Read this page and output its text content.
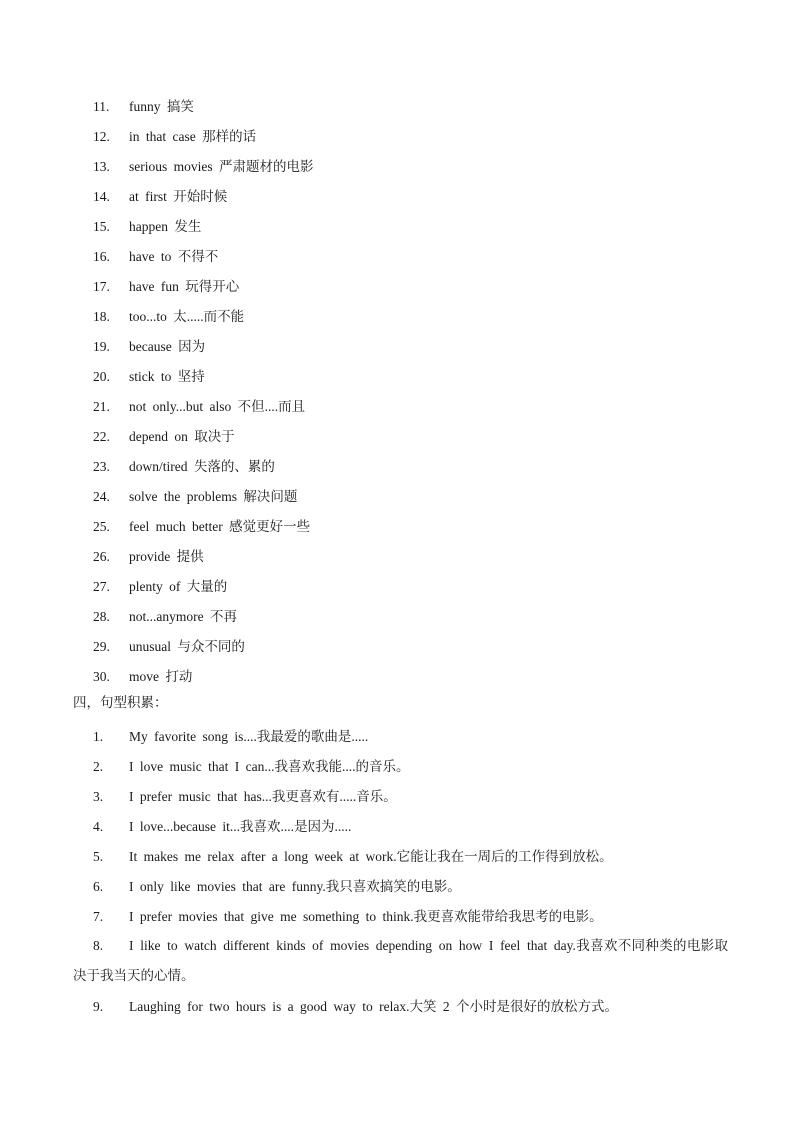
11. funny 搞笑
12. in that case 那样的话
13. serious movies 严肃题材的电影
14. at first 开始时候
15. happen 发生
16. have to 不得不
17. have fun 玩得开心
18. too...to 太.....而不能
19. because 因为
20. stick to 坚持
21. not only...but also 不但....而且
22. depend on 取决于
23. down/tired 失落的、累的
24. solve the problems 解决问题
25. feel much better 感觉更好一些
26. provide 提供
27. plenty of 大量的
28. not...anymore 不再
29. unusual 与众不同的
30. move 打动
四，句型积累：
1. My favorite song is....我最爱的歌曲是.....
2. I love music that I can...我喜欢我能....的音乐。
3. I prefer music that has...我更喜欢有.....音乐。
4. I love...because it...我喜欢....是因为.....
5. It makes me relax after a long week at work.它能让我在一周后的工作得到放松。
6. I only like movies that are funny.我只喜欢搞笑的电影。
7. I prefer movies that give me something to think.我更喜欢能带给我思考的电影。
8. I like to watch different kinds of movies depending on how I feel that day.我喜欢不同种类的电影取决于我当天的心情。
9. Laughing for two hours is a good way to relax.大笑 2 个小时是很好的放松方式。
